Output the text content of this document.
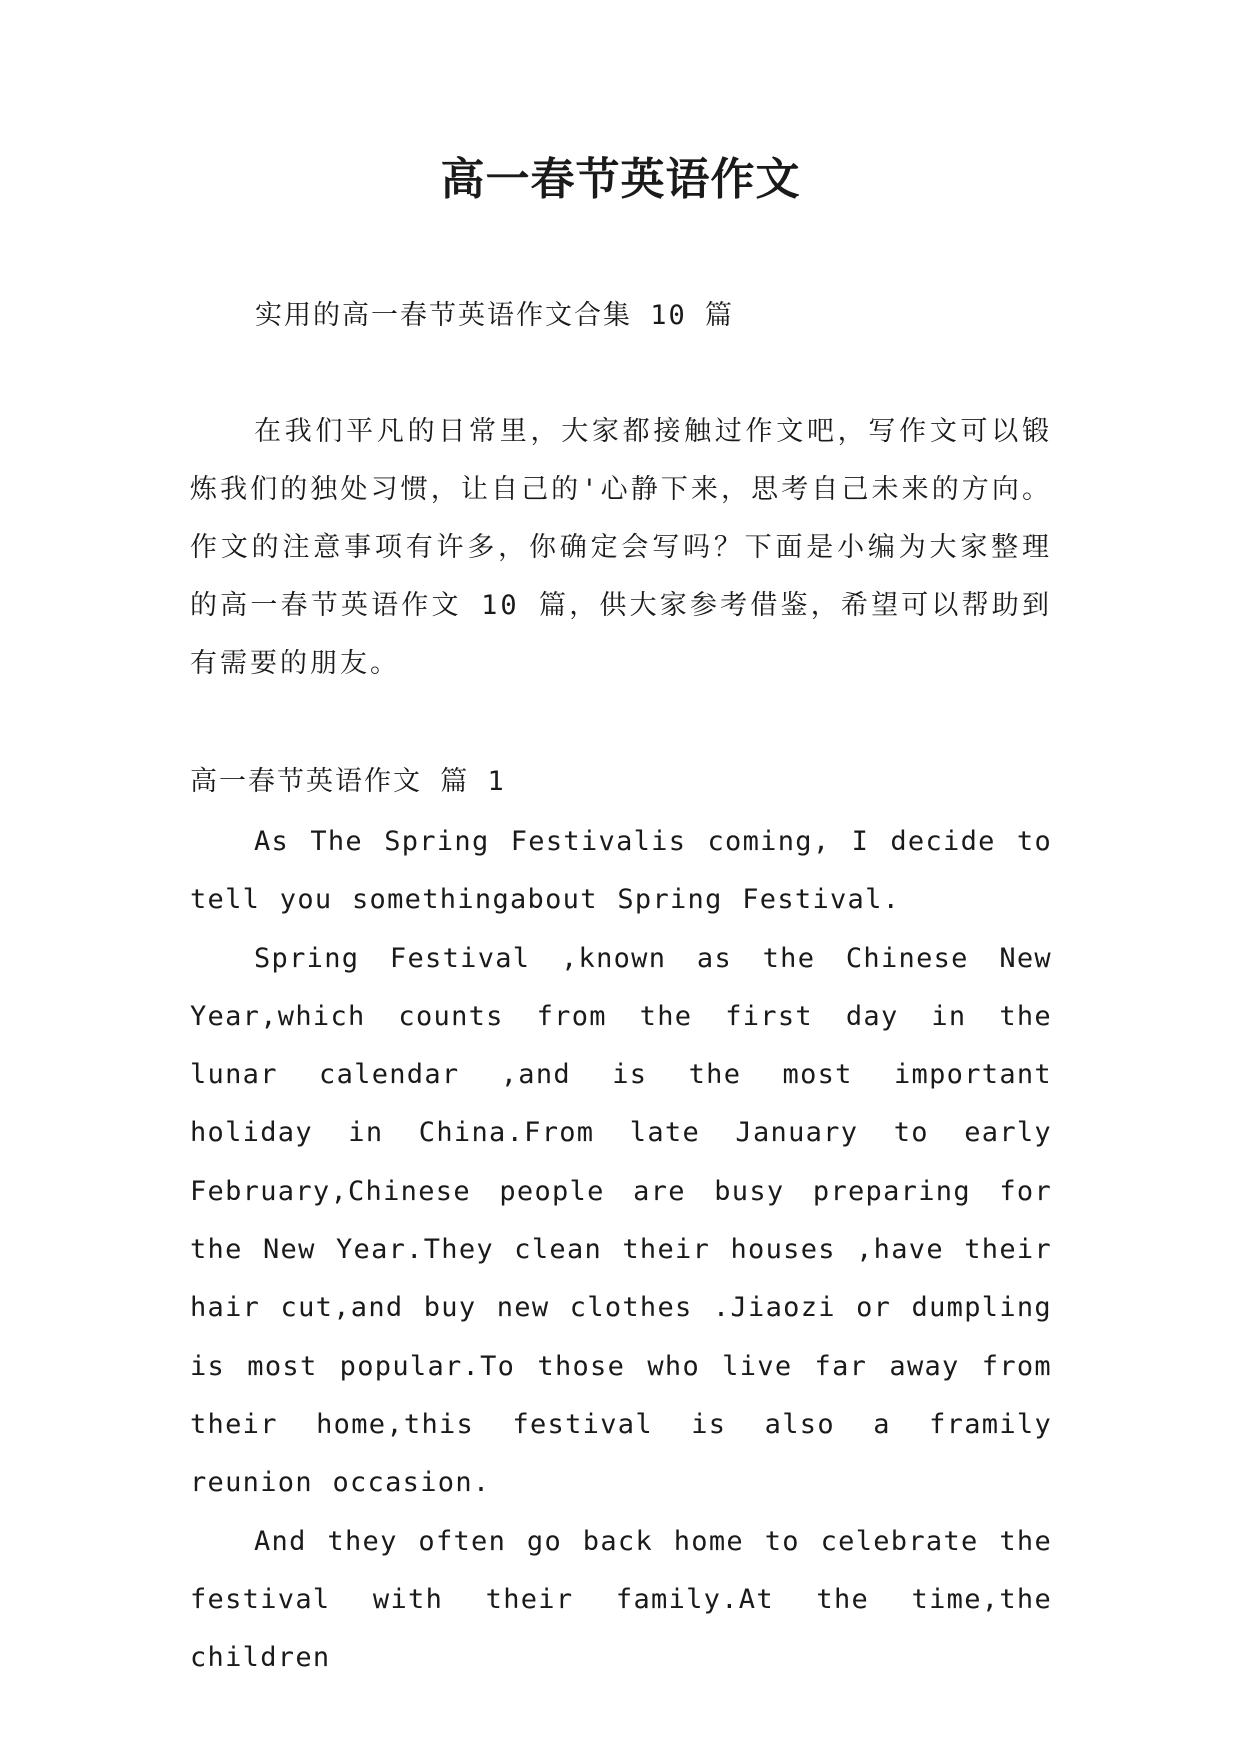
高一春节英语作文
实用的高一春节英语作文合集 10 篇

在我们平凡的日常里，大家都接触过作文吧，写作文可以锻炼我们的独处习惯，让自己的'心静下来，思考自己未来的方向。作文的注意事项有许多，你确定会写吗？下面是小编为大家整理的高一春节英语作文 10 篇，供大家参考借鉴，希望可以帮助到有需要的朋友。

高一春节英语作文 篇 1

As The Spring Festivalis coming, I decide to tell you somethingabout Spring Festival.

Spring Festival ,known as the Chinese New Year,which counts from the first day in the lunar calendar ,and is the most important holiday in China.From late January to early February,Chinese people are busy preparing for the New Year.They clean their houses ,have their hair cut,and buy new clothes .Jiaozi or dumpling is most popular.To those who live far away from their home,this festival is also a framily reunion occasion.

And they often go back home to celebrate the festival with their family.At the time,the children
